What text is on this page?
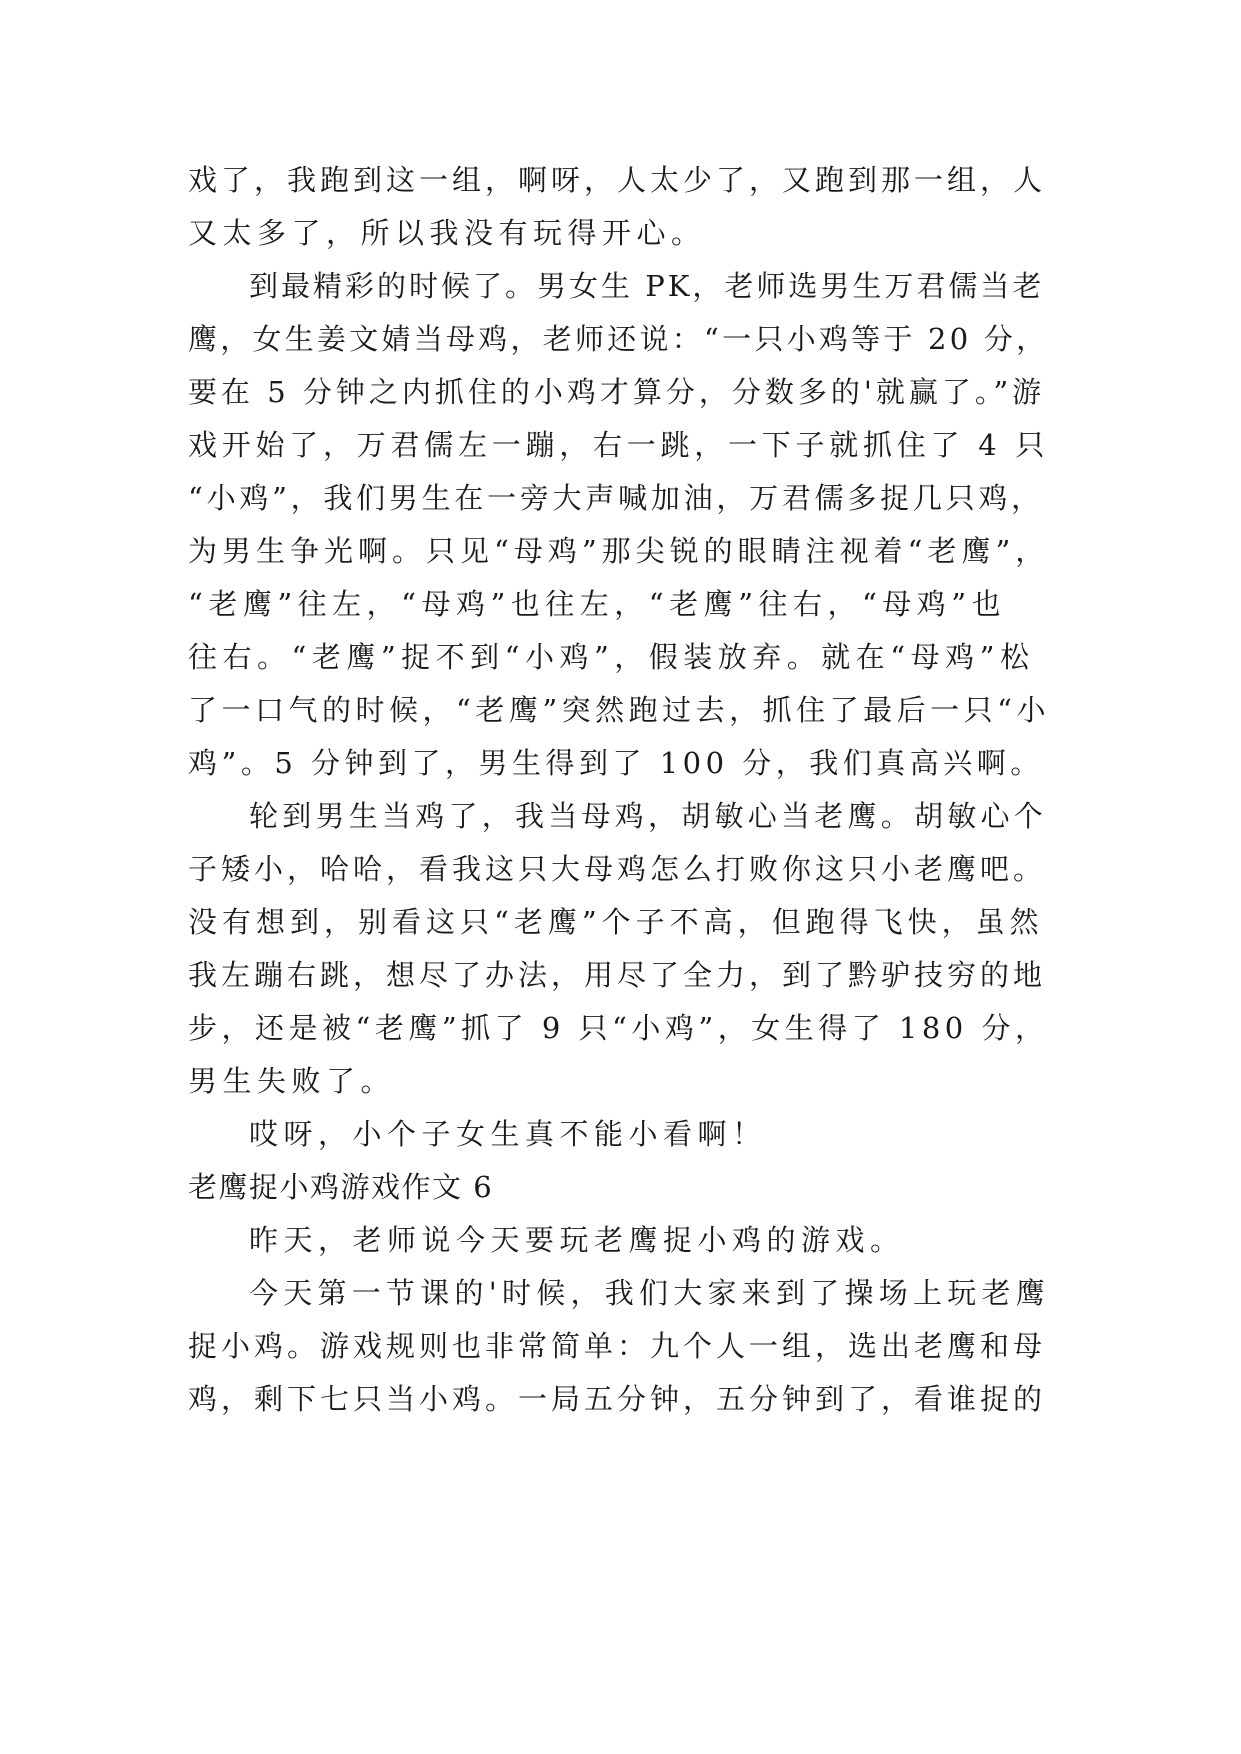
戏了，我跑到这一组，啊呀，人太少了，又跑到那一组，人
又太多了，所以我没有玩得开心。
到最精彩的时候了。男女生 PK，老师选男生万君儒当老
鹰，女生姜文婧当母鸡，老师还说：“一只小鸡等于 20 分，
要在 5 分钟之内抓住的小鸡才算分，分数多的'就赢了。”游
戏开始了，万君儒左一蹦，右一跳，一下子就抓住了 4 只
“小鸡”，我们男生在一旁大声喊加油，万君儒多捉几只鸡，
为男生争光啊。只见“母鸡”那尖锐的眼睛注视着“老鹰”，
“老鹰”往左，“母鸡”也往左，“老鹰”往右，“母鸡”也
往右。“老鹰”捉不到“小鸡”，假装放弃。就在“母鸡”松
了一口气的时候，“老鹰”突然跑过去，抓住了最后一只“小
鸡”。5 分钟到了，男生得到了 100 分，我们真高兴啊。
轮到男生当鸡了，我当母鸡，胡敏心当老鹰。胡敏心个
子矮小，哈哈，看我这只大母鸡怎么打败你这只小老鹰吧。
没有想到，别看这只“老鹰”个子不高，但跑得飞快，虽然
我左蹦右跳，想尽了办法，用尽了全力，到了黔驴技穷的地
步，还是被“老鹰”抓了 9 只“小鸡”，女生得了 180 分，
男生失败了。
哎呀，小个子女生真不能小看啊！
老鹰捉小鸡游戏作文 6
昨天，老师说今天要玩老鹰捉小鸡的游戏。
今天第一节课的'时候，我们大家来到了操场上玩老鹰
捉小鸡。游戏规则也非常简单：九个人一组，选出老鹰和母
鸡，剩下七只当小鸡。一局五分钟，五分钟到了，看谁捉的
